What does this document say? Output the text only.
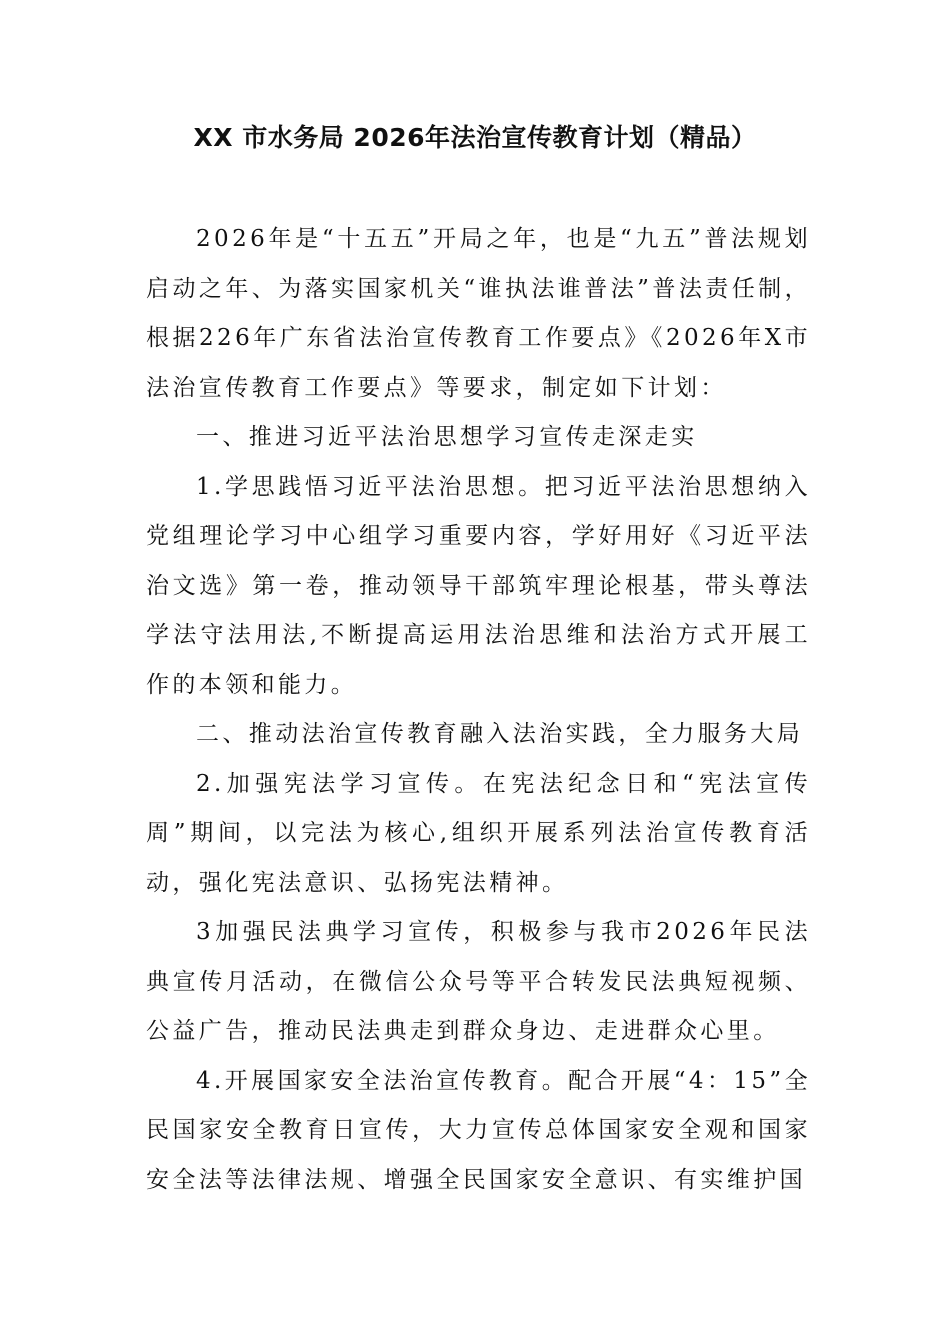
XX 市水务局 2026年法治宣传教育计划（精品）

2026年是“十五五”开局之年，也是“九五”普法规划启动之年、为落实国家机关“谁执法谁普法”普法责任制，根据226年广东省法治宣传教育工作要点》《2026年X市法治宣传教育工作要点》等要求，制定如下计划：

一、推进习近平法治思想学习宣传走深走实

1.学思践悟习近平法治思想。把习近平法治思想纳入党组理论学习中心组学习重要内容，学好用好《习近平法治文选》第一卷，推动领导干部筑牢理论根基，带头尊法学法守法用法,不断提高运用法治思维和法治方式开展工作的本领和能力。

二、推动法治宣传教育融入法治实践，全力服务大局

2.加强宪法学习宣传。在宪法纪念日和“宪法宣传周”期间，以完法为核心,组织开展系列法治宣传教育活动，强化宪法意识、弘扬宪法精神。

3加强民法典学习宣传，积极参与我市2026年民法典宣传月活动，在微信公众号等平合转发民法典短视频、公益广告，推动民法典走到群众身边、走进群众心里。

4.开展国家安全法治宣传教育。配合开展“4：15”全民国家安全教育日宣传，大力宣传总体国家安全观和国家安全法等法律法规、增强全民国家安全意识、有实维护国
